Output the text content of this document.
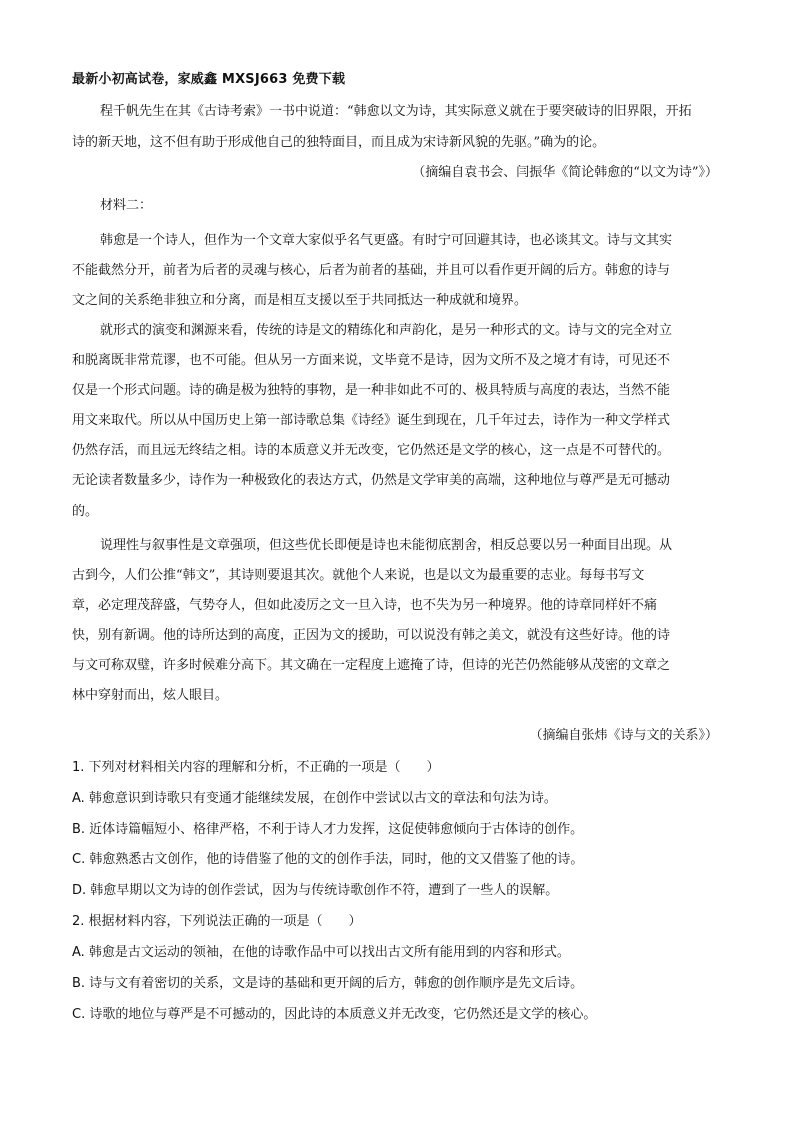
最新小初高试卷，家威鑫 MXSJ663 免费下载
程千帆先生在其《古诗考索》一书中说道：“韩愈以文为诗，其实际意义就在于要突破诗的旧界限，开拓
诗的新天地，这不但有助于形成他自己的独特面目，而且成为宋诗新风貌的先驱。”确为的论。
（摘编自袁书会、闫振华《简论韩愈的“以文为诗”》）
材料二：
韩愈是一个诗人，但作为一个文章大家似乎名气更盛。有时宁可回避其诗，也必谈其文。诗与文其实
不能截然分开，前者为后者的灵魂与核心，后者为前者的基础，并且可以看作更开阔的后方。韩愈的诗与
文之间的关系绝非独立和分离，而是相互支援以至于共同抵达一种成就和境界。
就形式的演变和渊源来看，传统的诗是文的精练化和声韵化，是另一种形式的文。诗与文的完全对立
和脱离既非常荒谬，也不可能。但从另一方面来说，文毕竟不是诗，因为文所不及之境才有诗，可见还不
仅是一个形式问题。诗的确是极为独特的事物，是一种非如此不可的、极具特质与高度的表达，当然不能
用文来取代。所以从中国历史上第一部诗歌总集《诗经》诞生到现在，几千年过去，诗作为一种文学样式
仍然存活，而且远无终结之相。诗的本质意义并无改变，它仍然还是文学的核心，这一点是不可替代的。
无论读者数量多少，诗作为一种极致化的表达方式，仍然是文学审美的高端，这种地位与尊严是无可撼动
的。
说理性与叙事性是文章强项，但这些优长即便是诗也未能彻底割舍，相反总要以另一种面目出现。从
古到今，人们公推“韩文”，其诗则要退其次。就他个人来说，也是以文为最重要的志业。每每书写文
章，必定理茂辞盛，气势夺人，但如此凌厉之文一旦入诗，也不失为另一种境界。他的诗章同样奸不痛
快，别有新调。他的诗所达到的高度，正因为文的援助，可以说没有韩之美文，就没有这些好诗。他的诗
与文可称双璧，许多时候难分高下。其文确在一定程度上遮掩了诗，但诗的光芒仍然能够从茂密的文章之
林中穿射而出，炫人眼目。
（摘编自张炜《诗与文的关系》）
1. 下列对材料相关内容的理解和分析，不正确的一项是（　　）
A. 韩愈意识到诗歌只有变通才能继续发展，在创作中尝试以古文的章法和句法为诗。
B. 近体诗篇幅短小、格律严格，不利于诗人才力发挥，这促使韩愈倾向于古体诗的创作。
C. 韩愈熟悉古文创作，他的诗借鉴了他的文的创作手法，同时，他的文又借鉴了他的诗。
D. 韩愈早期以文为诗的创作尝试，因为与传统诗歌创作不符，遭到了一些人的误解。
2. 根据材料内容，下列说法正确的一项是（　　）
A. 韩愈是古文运动的领袖，在他的诗歌作品中可以找出古文所有能用到的内容和形式。
B. 诗与文有着密切的关系，文是诗的基础和更开阔的后方，韩愈的创作顺序是先文后诗。
C. 诗歌的地位与尊严是不可撼动的，因此诗的本质意义并无改变，它仍然还是文学的核心。
